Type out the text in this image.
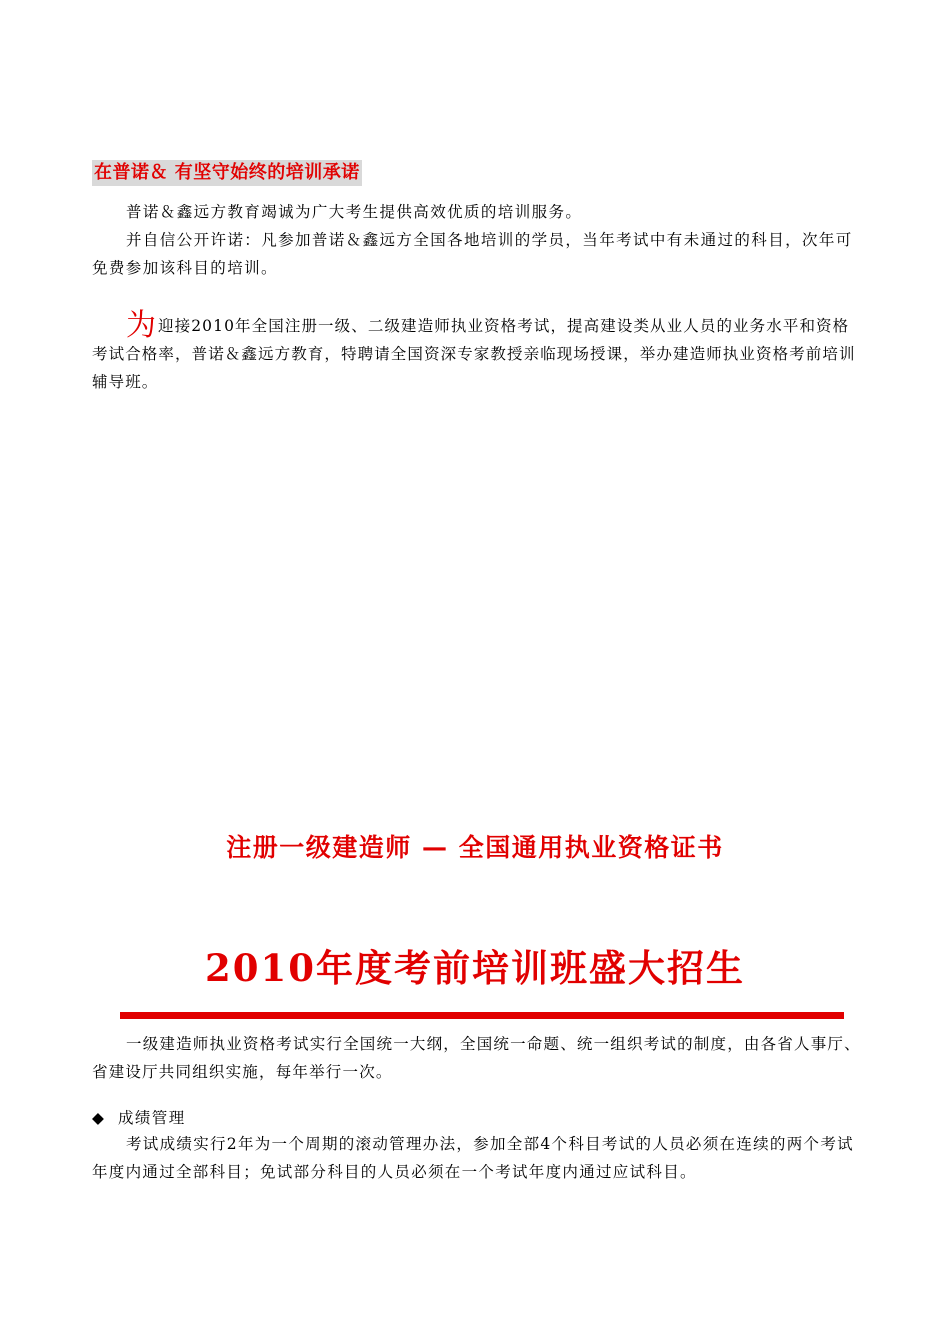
在普诺＆ 有坚守始终的培训承诺
普诺＆鑫远方教育竭诚为广大考生提供高效优质的培训服务。
并自信公开许诺：凡参加普诺＆鑫远方全国各地培训的学员，当年考试中有未通过的科目，次年可免费参加该科目的培训。
为迎接2010年全国注册一级、二级建造师执业资格考试，提高建设类从业人员的业务水平和资格考试合格率，普诺＆鑫远方教育，特聘请全国资深专家教授亲临现场授课，举办建造师执业资格考前培训辅导班。
注册一级建造师 — 全国通用执业资格证书
2010年度考前培训班盛大招生
一级建造师执业资格考试实行全国统一大纲，全国统一命题、统一组织考试的制度，由各省人事厅、省建设厅共同组织实施，每年举行一次。
◆ 成绩管理
考试成绩实行2年为一个周期的滚动管理办法，参加全部4个科目考试的人员必须在连续的两个考试年度内通过全部科目；免试部分科目的人员必须在一个考试年度内通过应试科目。
